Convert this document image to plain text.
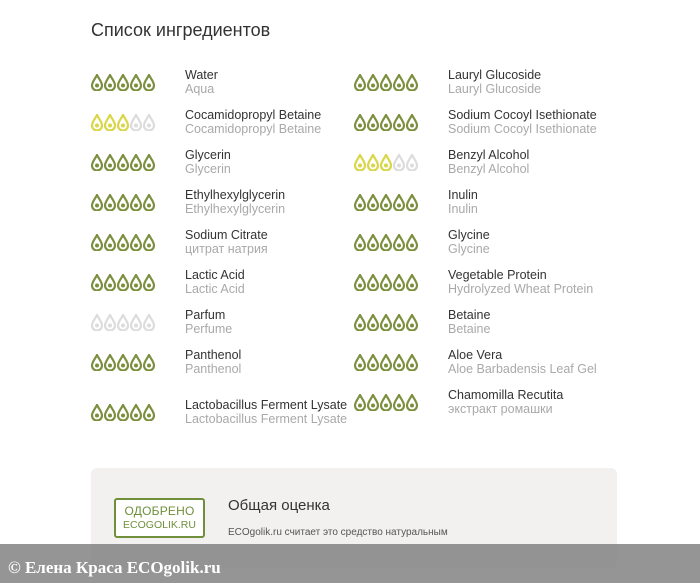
Список ингредиентов
Water
Aqua
Cocamidopropyl Betaine
Cocamidopropyl Betaine
Glycerin
Glycerin
Ethylhexylglycerin
Ethylhexylglycerin
Sodium Citrate
цитрат натрия
Lactic Acid
Lactic Acid
Parfum
Perfume
Panthenol
Panthenol
Lactobacillus Ferment Lysate
Lactobacillus Ferment Lysate
Lauryl Glucoside
Lauryl Glucoside
Sodium Cocoyl Isethionate
Sodium Cocoyl Isethionate
Benzyl Alcohol
Benzyl Alcohol
Inulin
Inulin
Glycine
Glycine
Vegetable Protein
Hydrolyzed Wheat Protein
Betaine
Betaine
Aloe Vera
Aloe Barbadensis Leaf Gel
Chamomilla Recutita
экстракт ромашки
ОДОБРЕНО
ECOGOLIK.RU
Общая оценка
ECOgolik.ru считает это средство натуральным
© Елена Краса ECOgolik.ru
